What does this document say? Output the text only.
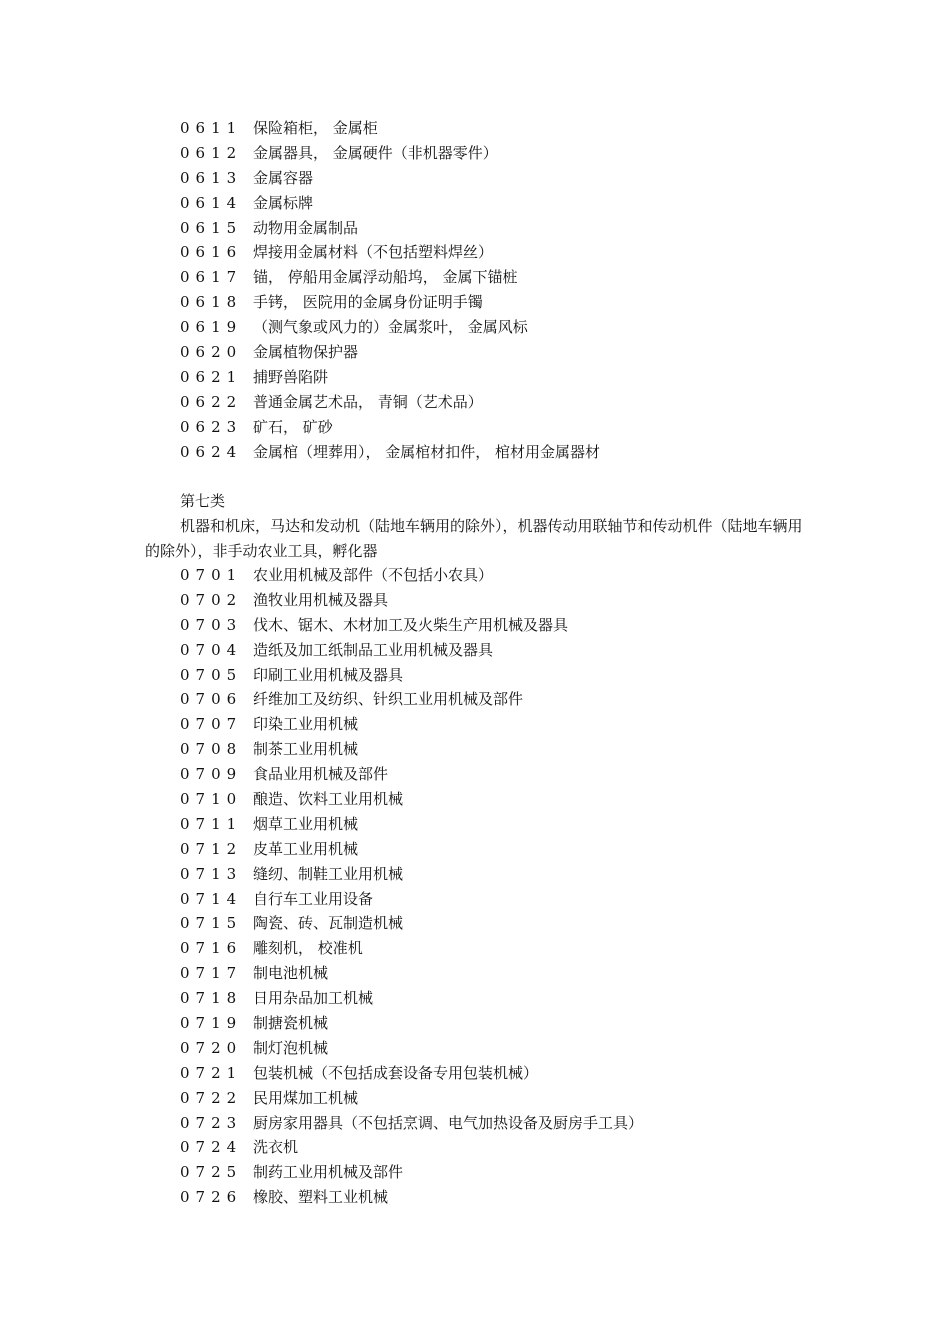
0611 保险箱柜， 金属柜
0612 金属器具， 金属硬件（非机器零件）
0613 金属容器
0614 金属标牌
0615 动物用金属制品
0616 焊接用金属材料（不包括塑料焊丝）
0617 锚， 停船用金属浮动船坞， 金属下锚桩
0618 手铐， 医院用的金属身份证明手镯
0619 （测气象或风力的）金属浆叶， 金属风标
0620 金属植物保护器
0621 捕野兽陷阱
0622 普通金属艺术品， 青铜（艺术品）
0623 矿石， 矿砂
0624 金属棺（埋葬用）， 金属棺材扣件， 棺材用金属器材
第七类
机器和机床，马达和发动机（陆地车辆用的除外），机器传动用联轴节和传动机件（陆地车辆用的除外），非手动农业工具，孵化器
0701 农业用机械及部件（不包括小农具）
0702 渔牧业用机械及器具
0703 伐木、锯木、木材加工及火柴生产用机械及器具
0704 造纸及加工纸制品工业用机械及器具
0705 印刷工业用机械及器具
0706 纤维加工及纺织、针织工业用机械及部件
0707 印染工业用机械
0708 制茶工业用机械
0709 食品业用机械及部件
0710 酿造、饮料工业用机械
0711 烟草工业用机械
0712 皮革工业用机械
0713 缝纫、制鞋工业用机械
0714 自行车工业用设备
0715 陶瓷、砖、瓦制造机械
0716 雕刻机， 校准机
0717 制电池机械
0718 日用杂品加工机械
0719 制搪瓷机械
0720 制灯泡机械
0721 包装机械（不包括成套设备专用包装机械）
0722 民用煤加工机械
0723 厨房家用器具（不包括烹调、电气加热设备及厨房手工具）
0724 洗衣机
0725 制药工业用机械及部件
0726 橡胶、塑料工业机械
